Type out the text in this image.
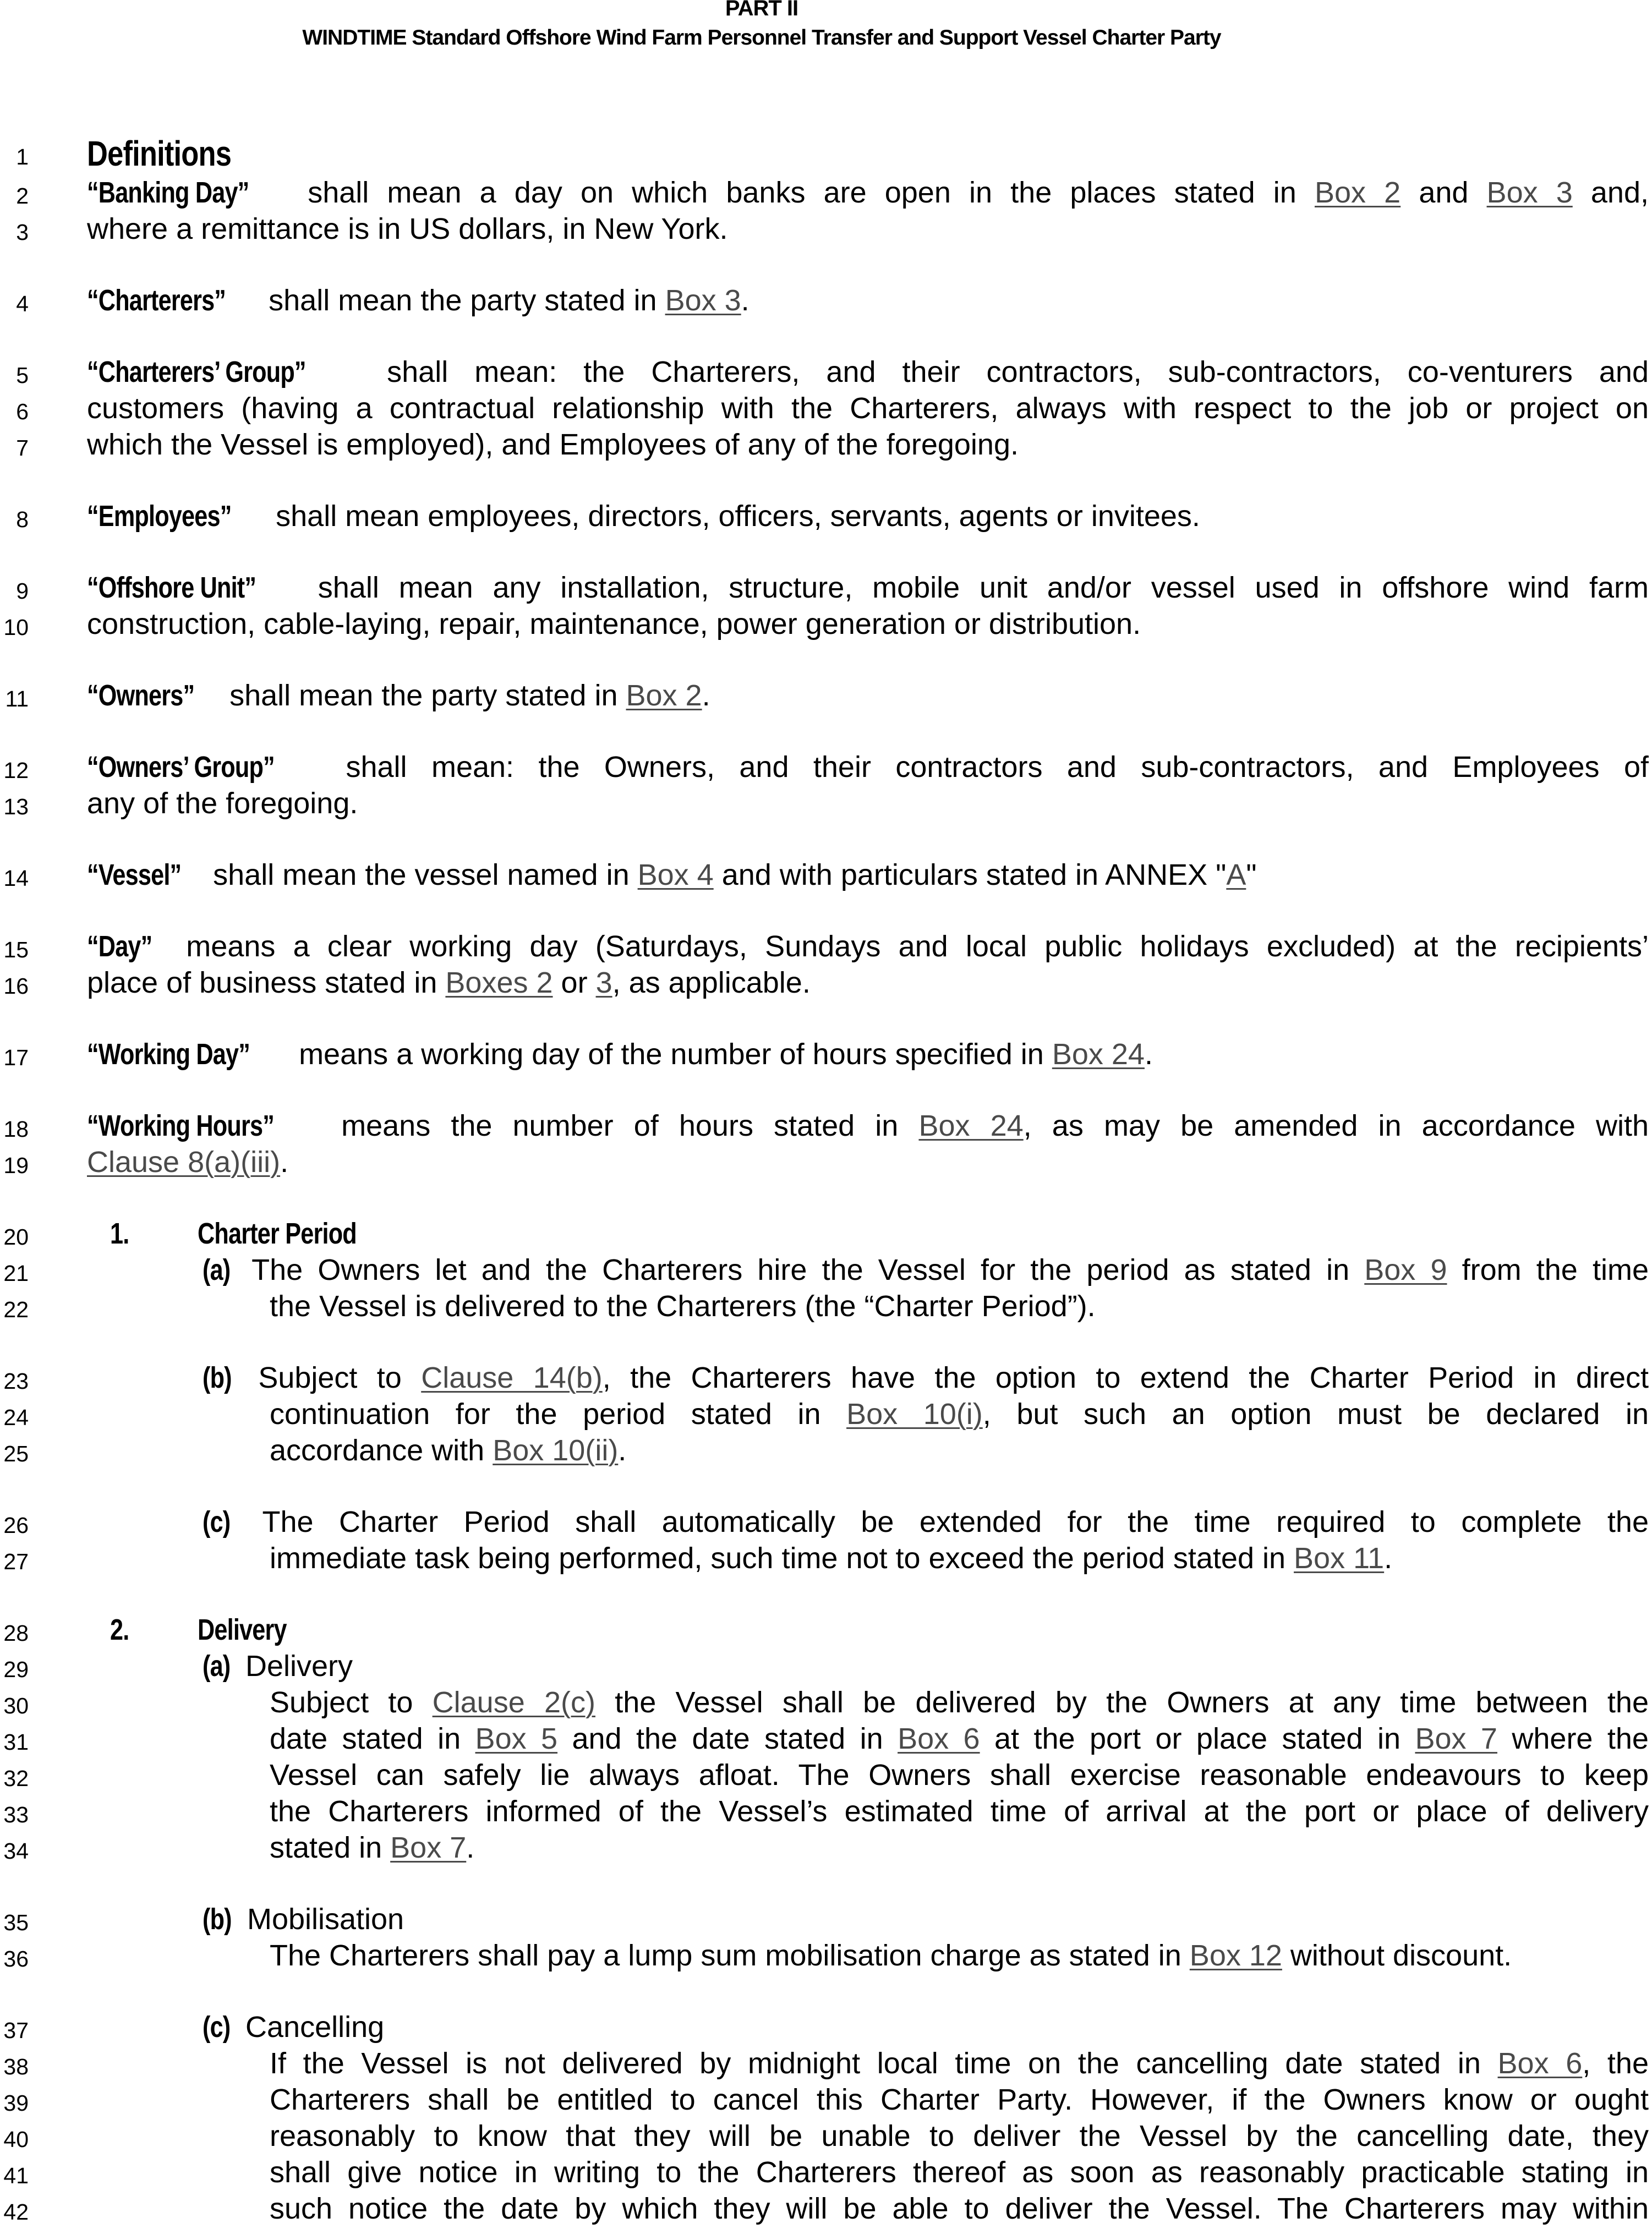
PART II
WINDTIME Standard Offshore Wind Farm Personnel Transfer and Support Vessel Charter Party
1 Definitions
2 “Banking Day” shall mean a day on which banks are open in the places stated in Box 2 and Box 3 and,
3 where a remittance is in US dollars, in New York.
4 “Charterers” shall mean the party stated in Box 3.
5 “Charterers’ Group” shall mean: the Charterers, and their contractors, sub-contractors, co-venturers and
6 customers (having a contractual relationship with the Charterers, always with respect to the job or project on
7 which the Vessel is employed), and Employees of any of the foregoing.
8 “Employees” shall mean employees, directors, officers, servants, agents or invitees.
9 “Offshore Unit” shall mean any installation, structure, mobile unit and/or vessel used in offshore wind farm
10 construction, cable-laying, repair, maintenance, power generation or distribution.
11 “Owners” shall mean the party stated in Box 2.
12 “Owners’ Group” shall mean: the Owners, and their contractors and sub-contractors, and Employees of
13 any of the foregoing.
14 “Vessel” shall mean the vessel named in Box 4 and with particulars stated in ANNEX "A"
15 “Day” means a clear working day (Saturdays, Sundays and local public holidays excluded) at the recipients’
16 place of business stated in Boxes 2 or 3, as applicable.
17 “Working Day” means a working day of the number of hours specified in Box 24.
18 “Working Hours” means the number of hours stated in Box 24, as may be amended in accordance with
19 Clause 8(a)(iii).
20	1. Charter Period
21	(a) The Owners let and the Charterers hire the Vessel for the period as stated in Box 9 from the time
22	the Vessel is delivered to the Charterers (the “Charter Period”).
23	(b) Subject to Clause 14(b), the Charterers have the option to extend the Charter Period in direct
24	continuation for the period stated in Box 10(i), but such an option must be declared in
25	accordance with Box 10(ii).
26	(c) The Charter Period shall automatically be extended for the time required to complete the
27	immediate task being performed, such time not to exceed the period stated in Box 11.
28	2. Delivery
29	(a) Delivery
30	Subject to Clause 2(c) the Vessel shall be delivered by the Owners at any time between the
31	date stated in Box 5 and the date stated in Box 6 at the port or place stated in Box 7 where the
32	Vessel can safely lie always afloat. The Owners shall exercise reasonable endeavours to keep
33	the Charterers informed of the Vessel’s estimated time of arrival at the port or place of delivery
34	stated in Box 7.
35	(b) Mobilisation
36	The Charterers shall pay a lump sum mobilisation charge as stated in Box 12 without discount.
37	(c) Cancelling
38	If the Vessel is not delivered by midnight local time on the cancelling date stated in Box 6, the
39	Charterers shall be entitled to cancel this Charter Party. However, if the Owners know or ought
40	reasonably to know that they will be unable to deliver the Vessel by the cancelling date, they
41	shall give notice in writing to the Charterers thereof as soon as reasonably practicable stating in
42	such notice the date by which they will be able to deliver the Vessel. The Charterers may within
